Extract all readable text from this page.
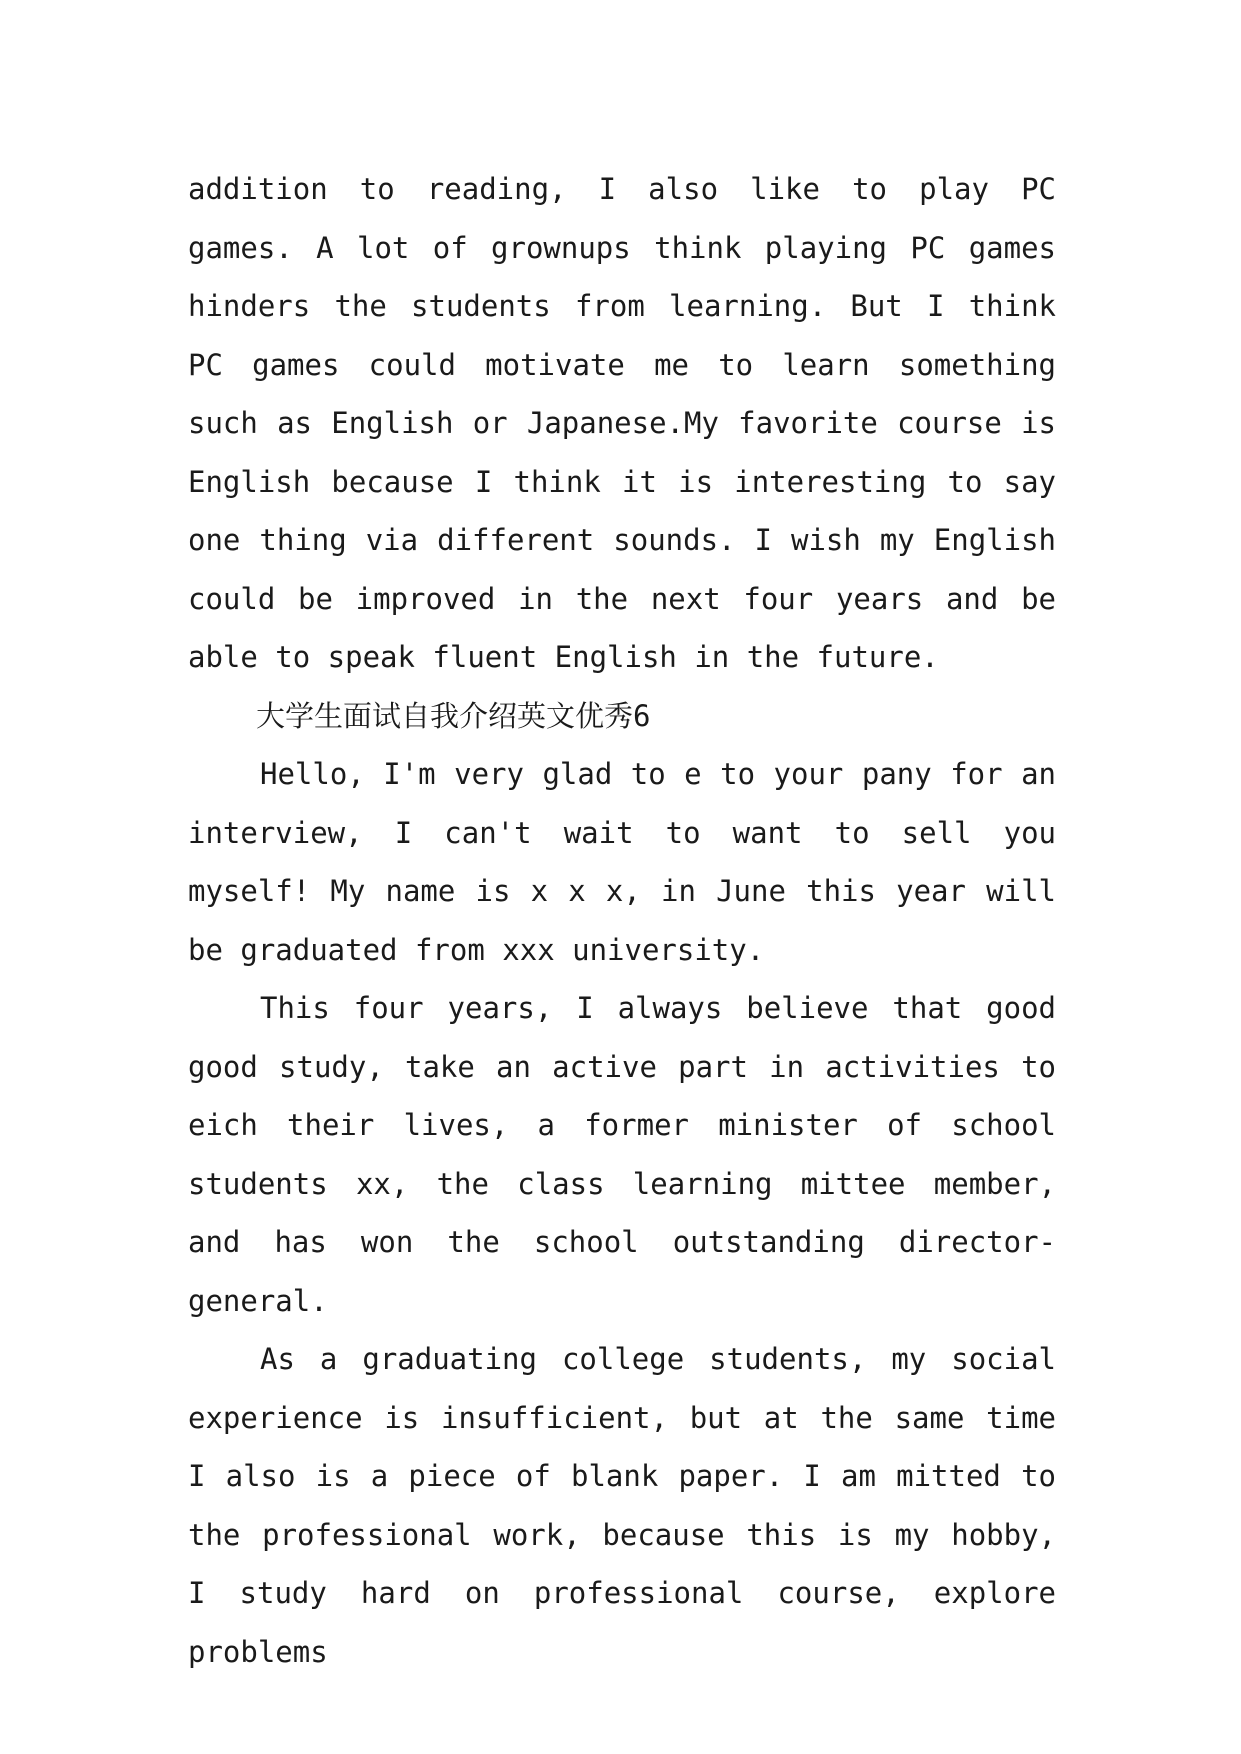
addition to reading, I also like to play PC games. A lot of grownups think playing PC games hinders the students from learning. But I think PC games could motivate me to learn something such as English or Japanese.My favorite course is English because I think it is interesting to say one thing via different sounds. I wish my English could be improved in the next four years and be able to speak fluent English in the future.

大学生面试自我介绍英文优秀6

Hello, I'm very glad to e to your pany for an interview, I can't wait to want to sell you myself! My name is x x x, in June this year will be graduated from xxx university.

This four years, I always believe that good good study, take an active part in activities to eich their lives, a former minister of school students xx, the class learning mittee member, and has won the school outstanding director-general.

As a graduating college students, my social experience is insufficient, but at the same time I also is a piece of blank paper. I am mitted to the professional work, because this is my hobby, I study hard on professional course, explore problems
